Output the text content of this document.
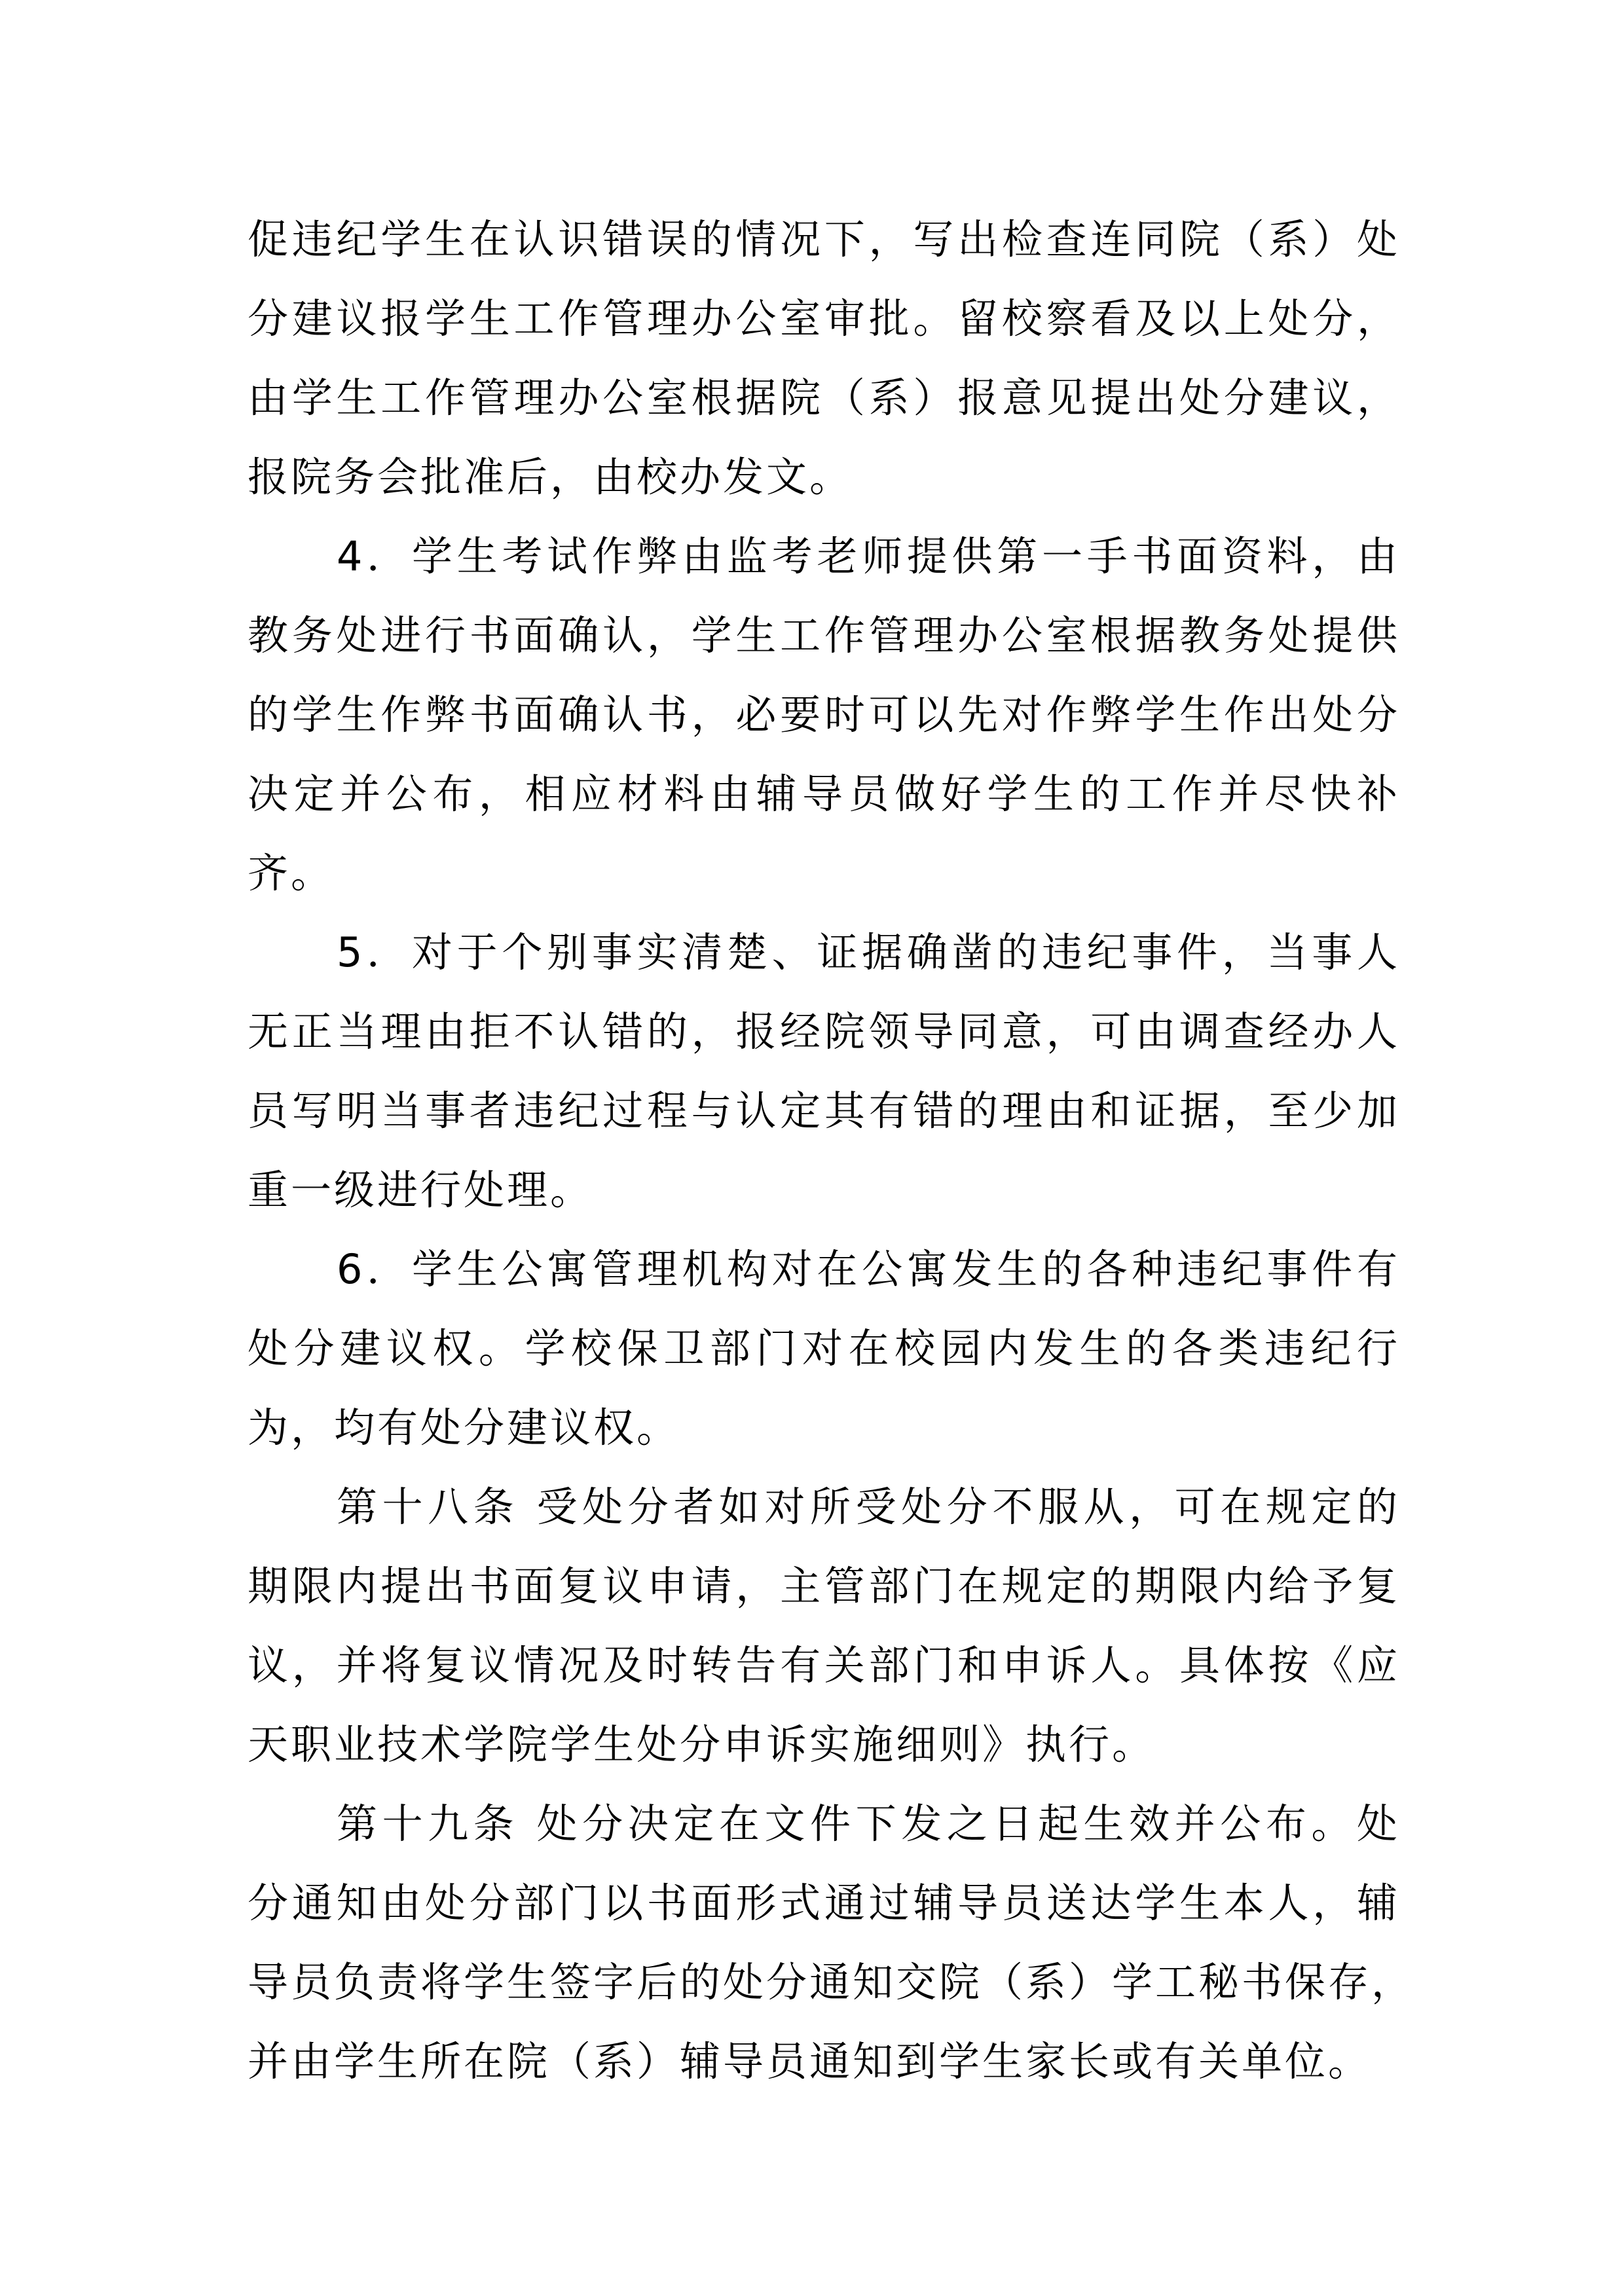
促违纪学生在认识错误的情况下，写出检查连同院（系）处
分建议报学生工作管理办公室审批。留校察看及以上处分，
由学生工作管理办公室根据院（系）报意见提出处分建议，
报院务会批准后，由校办发文。
4．学生考试作弊由监考老师提供第一手书面资料，由
教务处进行书面确认，学生工作管理办公室根据教务处提供
的学生作弊书面确认书，必要时可以先对作弊学生作出处分
决定并公布，相应材料由辅导员做好学生的工作并尽快补
齐。
5．对于个别事实清楚、证据确凿的违纪事件，当事人
无正当理由拒不认错的，报经院领导同意，可由调查经办人
员写明当事者违纪过程与认定其有错的理由和证据，至少加
重一级进行处理。
6．学生公寓管理机构对在公寓发生的各种违纪事件有
处分建议权。学校保卫部门对在校园内发生的各类违纪行
为，均有处分建议权。
第十八条 受处分者如对所受处分不服从，可在规定的
期限内提出书面复议申请，主管部门在规定的期限内给予复
议，并将复议情况及时转告有关部门和申诉人。具体按《应
天职业技术学院学生处分申诉实施细则》执行。
第十九条 处分决定在文件下发之日起生效并公布。处
分通知由处分部门以书面形式通过辅导员送达学生本人，辅
导员负责将学生签字后的处分通知交院（系）学工秘书保存，
并由学生所在院（系）辅导员通知到学生家长或有关单位。
